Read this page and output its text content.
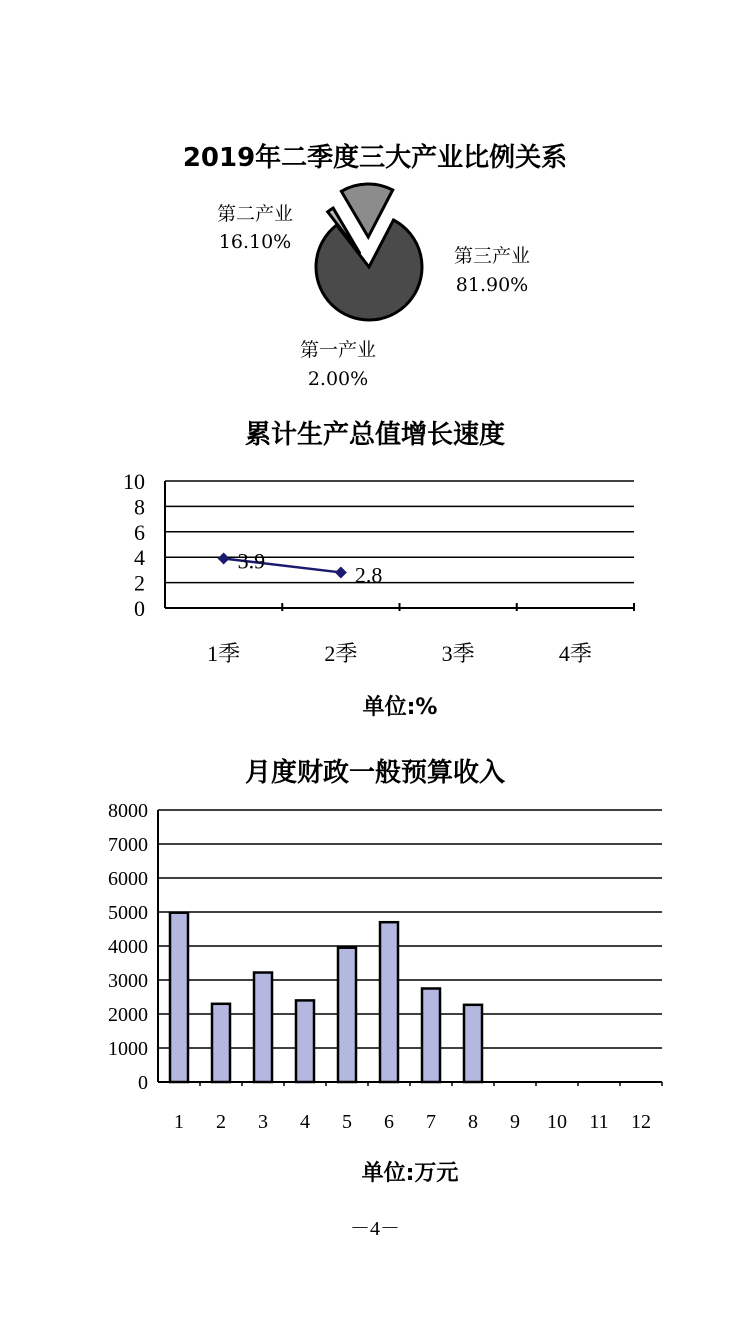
2019年二季度三大产业比例关系
第二产业
16.10%
第三产业
81.90%
第一产业
2.00%
累计生产总值增长速度
0
2
4
6
8
10
1季	2季	3季	4季
3.9
2.8
单位:%
月度财政一般预算收入
0
1000
2000
3000
4000
5000
6000
7000
8000
1 2 3 4 5 6 7 8 9 10 11 12
单位:万元
－4－
